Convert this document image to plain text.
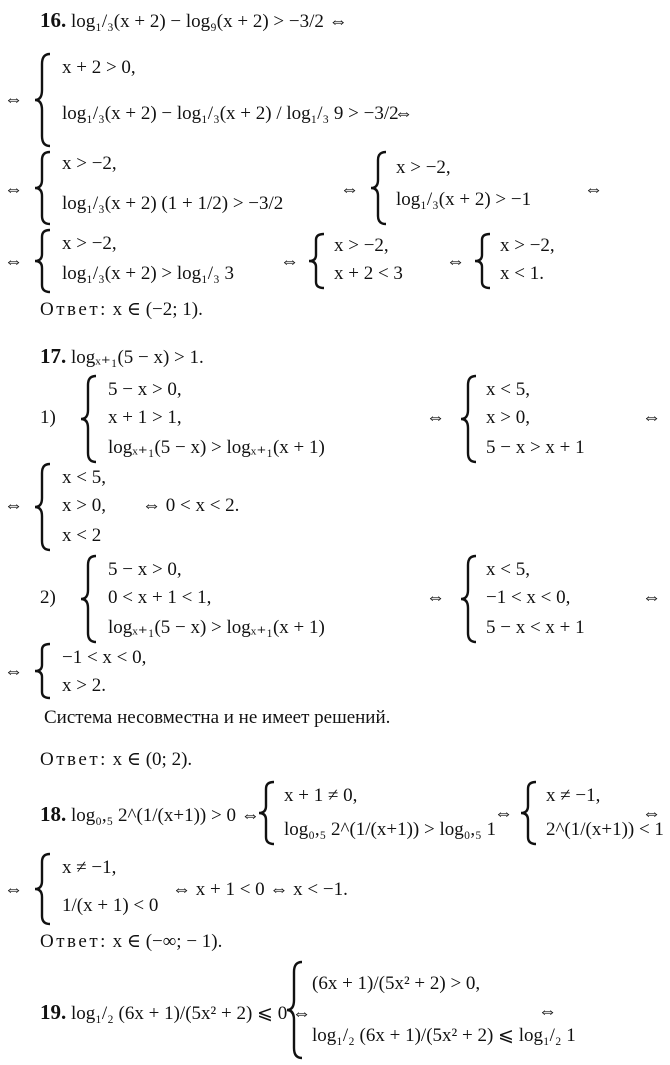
16. log₁/₃(x + 2) − log₉(x + 2) > −3/2 ⇔
⇔
x + 2 > 0,
log₁/₃(x + 2) − log₁/₃(x + 2) / log₁/₃ 9 > −3/2
⇔
⇔
x > −2,
log₁/₃(x + 2) (1 + 1/2) > −3/2
⇔
x > −2,
log₁/₃(x + 2) > −1	⇔
⇔
x > −2,
log₁/₃(x + 2) > log₁/₃ 3
⇔
x > −2,
x + 2 < 3
⇔
x > −2,
x < 1.
Ответ: x ∈ (−2; 1).
17. logₓ₊₁(5 − x) > 1.
1)
5 − x > 0,
x + 1 > 1,
logₓ₊₁(5 − x) > logₓ₊₁(x + 1)
⇔
x < 5,
x > 0,
5 − x > x + 1
⇔
⇔
x < 5,
x > 0,
x < 2
⇔ 0 < x < 2.
2)
5 − x > 0,
0 < x + 1 < 1,
logₓ₊₁(5 − x) > logₓ₊₁(x + 1)
⇔
x < 5,
−1 < x < 0,
5 − x < x + 1
⇔
⇔
−1 < x < 0,
x > 2.
Система несовместна и не имеет решений.
Ответ: x ∈ (0; 2).
18. log₀,₅ 2^(1/(x+1)) > 0 ⇔
x + 1 ≠ 0,
log₀,₅ 2^(1/(x+1)) > log₀,₅ 1
⇔
x ≠ −1,
2^(1/(x+1)) < 1
⇔
⇔
x ≠ −1,
1/(x + 1) < 0
⇔ x + 1 < 0 ⇔ x < −1.
Ответ: x ∈ (−∞; − 1).
19. log₁/₂ (6x + 1)/(5x² + 2) ⩽ 0 ⇔
(6x + 1)/(5x² + 2) > 0,
log₁/₂ (6x + 1)/(5x² + 2) ⩽ log₁/₂ 1
⇔
